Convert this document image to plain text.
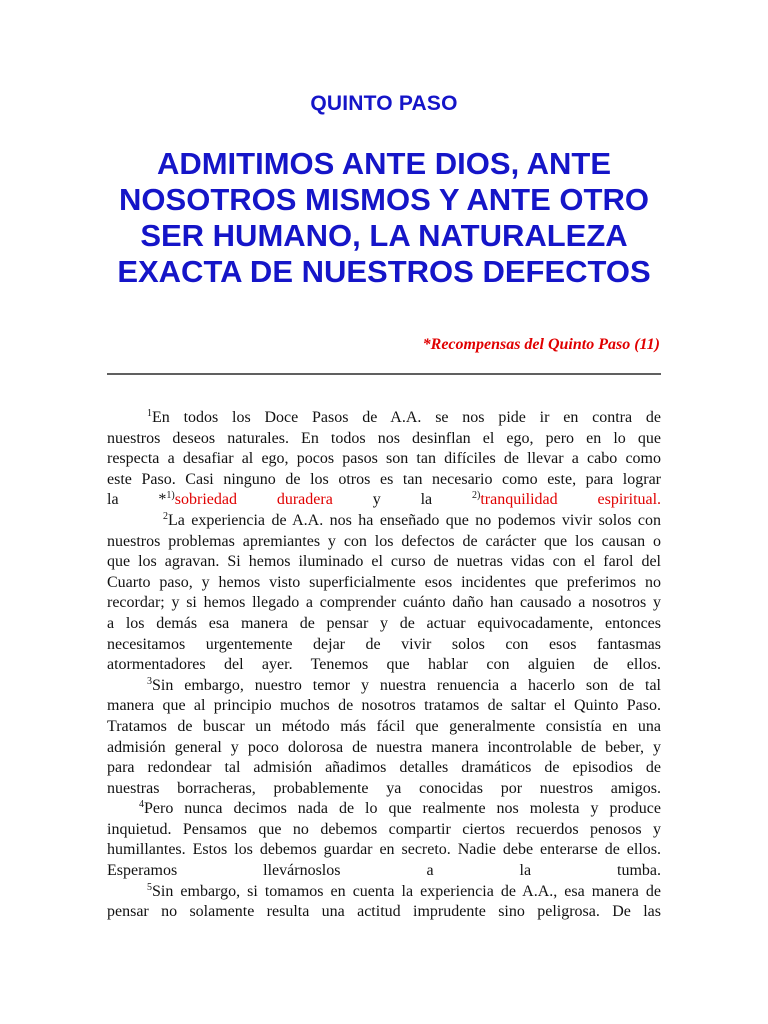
QUINTO PASO
ADMITIMOS ANTE DIOS, ANTE
NOSOTROS MISMOS Y ANTE OTRO
SER HUMANO, LA NATURALEZA
EXACTA DE NUESTROS DEFECTOS
*Recompensas del Quinto Paso (11)
$^1$En todos los Doce Pasos de A.A. se nos pide ir en contra de
nuestros deseos naturales. En todos nos desinflan el ego, pero en lo que
respecta a desafiar al ego, pocos pasos son tan difíciles de llevar a cabo como
este Paso. Casi ninguno de los otros es tan necesario como este, para lograr
la *$^{1)}$sobriedad duradera y la	$^{2)}$tranquilidad espiritual.
$^2$La experiencia de A.A. nos ha enseñado que no podemos vivir solos con
nuestros problemas apremiantes y con los defectos de carácter que los causan o
que los agravan. Si hemos iluminado el curso de nuetras vidas con el farol del
Cuarto paso, y hemos visto superficialmente esos incidentes que preferimos no
recordar; y si hemos llegado a comprender cuánto daño han causado a nosotros y
a los demás esa manera de pensar y de actuar equivocadamente, entonces
necesitamos urgentemente dejar de vivir solos con esos fantasmas
atormentadores del ayer. Tenemos que hablar con alguien de ellos.
$^3$Sin embargo, nuestro temor y nuestra renuencia a hacerlo son de tal
manera que al principio muchos de nosotros tratamos de saltar el Quinto Paso.
Tratamos de buscar un método más fácil que generalmente consistía en una
admisión general y poco dolorosa de nuestra manera incontrolable de beber, y
para redondear tal admisión añadimos detalles dramáticos de episodios de
nuestras borracheras, probablemente ya conocidas por nuestros amigos.
$^4$Pero nunca decimos nada de lo que realmente nos molesta y produce
inquietud. Pensamos que no debemos compartir ciertos recuerdos penosos y
humillantes. Estos los debemos guardar en secreto. Nadie debe enterarse de ellos.
Esperamos llevárnoslos a la tumba.
$^5$Sin embargo, si tomamos en cuenta la experiencia de A.A., esa manera de
pensar no solamente resulta una actitud imprudente sino peligrosa. De las
